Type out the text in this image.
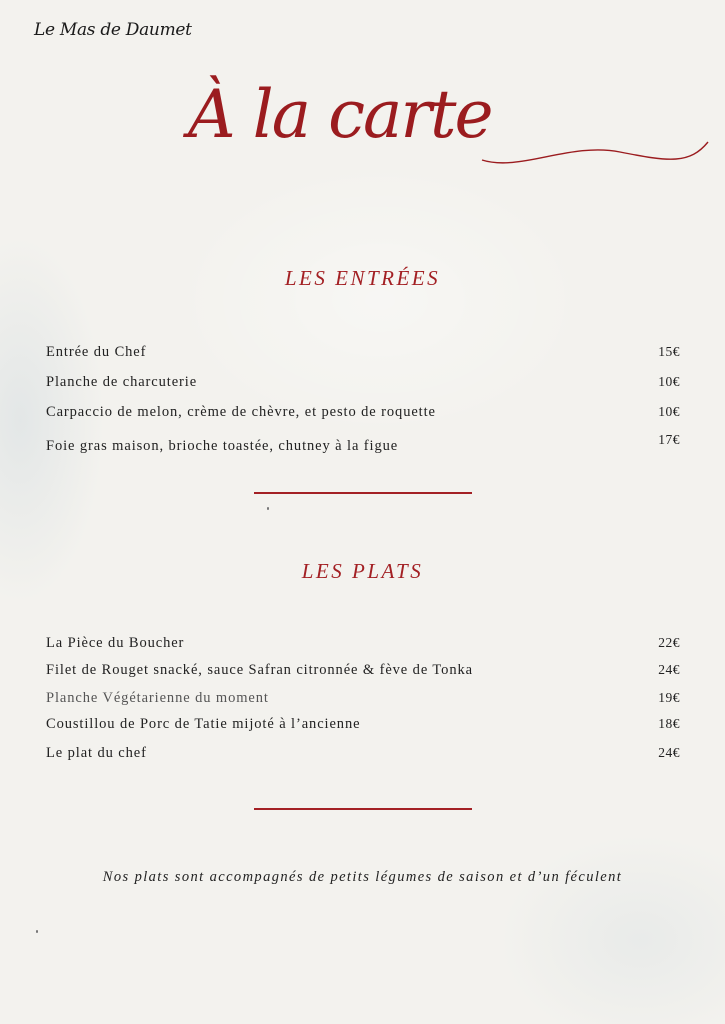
Le Mas de Daumet
À la carte
LES ENTRÉES
Entrée du Chef	15€
Planche de charcuterie	10€
Carpaccio de melon, crème de chèvre, et pesto de roquette	10€
Foie gras maison, brioche toastée, chutney à la figue	17€
LES PLATS
La Pièce du Boucher	22€
Filet de Rouget snacké, sauce Safran citronnée & fève de Tonka	24€
Planche Végétarienne du moment	19€
Coustillou de Porc de Tatie mijoté à l’ancienne	18€
Le plat du chef	24€
Nos plats sont accompagnés de petits légumes de saison et d’un féculent
